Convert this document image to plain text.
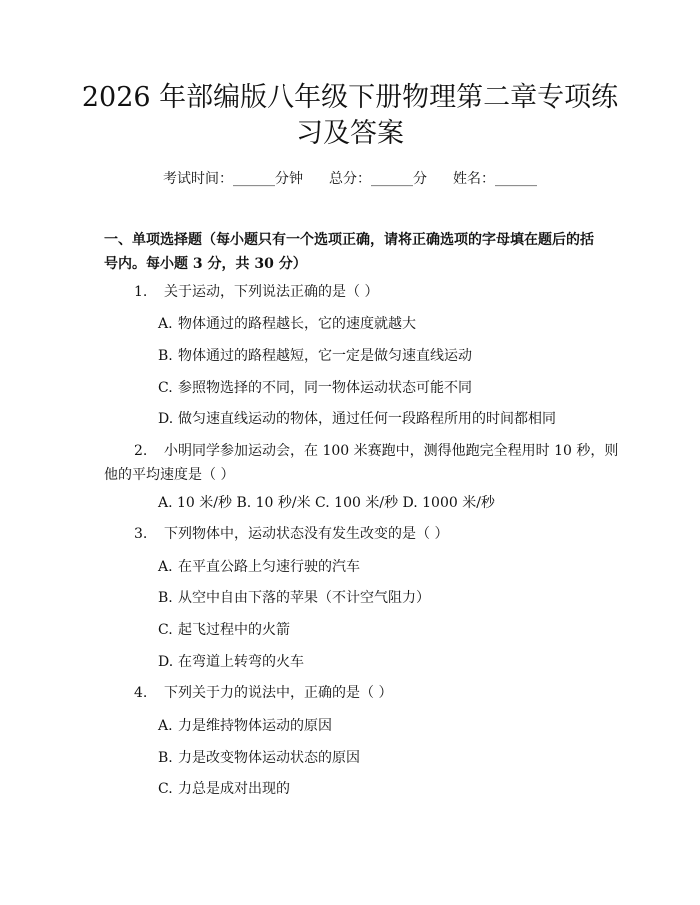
2026 年部编版八年级下册物理第二章专项练
习及答案
考试时间：______分钟 总分：______分 姓名：______
一、单项选择题（每小题只有一个选项正确，请将正确选项的字母填在题后的括
号内。每小题 3 分，共 30 分）
1. 关于运动，下列说法正确的是（ ）
A. 物体通过的路程越长，它的速度就越大
B. 物体通过的路程越短，它一定是做匀速直线运动
C. 参照物选择的不同，同一物体运动状态可能不同
D. 做匀速直线运动的物体，通过任何一段路程所用的时间都相同
2. 小明同学参加运动会，在 100 米赛跑中，测得他跑完全程用时 10 秒，则
他的平均速度是（ ）
A. 10 米/秒 B. 10 秒/米 C. 100 米/秒 D. 1000 米/秒
3. 下列物体中，运动状态没有发生改变的是（ ）
A. 在平直公路上匀速行驶的汽车
B. 从空中自由下落的苹果（不计空气阻力）
C. 起飞过程中的火箭
D. 在弯道上转弯的火车
4. 下列关于力的说法中，正确的是（ ）
A. 力是维持物体运动的原因
B. 力是改变物体运动状态的原因
C. 力总是成对出现的
